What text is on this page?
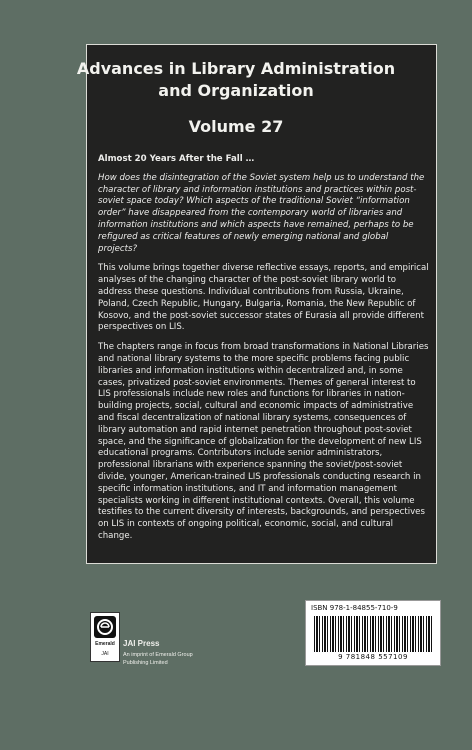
Advances in Library Administration
and Organization
Volume 27
Almost 20 Years After the Fall …
How does the disintegration of the Soviet system help us to understand the character of library and information institutions and practices within post-soviet space today? Which aspects of the traditional Soviet “information order” have disappeared from the contemporary world of libraries and information institutions and which aspects have remained, perhaps to be refigured as critical features of newly emerging national and global projects?

This volume brings together diverse reflective essays, reports, and empirical analyses of the changing character of the post-soviet library world to address these questions. Individual contributions from Russia, Ukraine, Poland, Czech Republic, Hungary, Bulgaria, Romania, the New Republic of Kosovo, and the post-soviet successor states of Eurasia all provide different perspectives on LIS.

The chapters range in focus from broad transformations in National Libraries and national library systems to the more specific problems facing public libraries and information institutions within decentralized and, in some cases, privatized post-soviet environments. Themes of general interest to LIS professionals include new roles and functions for libraries in nation-building projects, social, cultural and economic impacts of administrative and fiscal decentralization of national library systems, consequences of library automation and rapid internet penetration throughout post-soviet space, and the significance of globalization for the development of new LIS educational programs. Contributors include senior administrators, professional librarians with experience spanning the soviet/post-soviet divide, younger, American-trained LIS professionals conducting research in specific information institutions, and IT and information management specialists working in different institutional contexts. Overall, this volume testifies to the current diversity of interests, backgrounds, and perspectives on LIS in contexts of ongoing political, economic, social, and cultural change.

Emerald
JAI
JAI Press
An imprint of Emerald Group Publishing Limited
ISBN 978-1-84855-710-9
9 781848 557109
